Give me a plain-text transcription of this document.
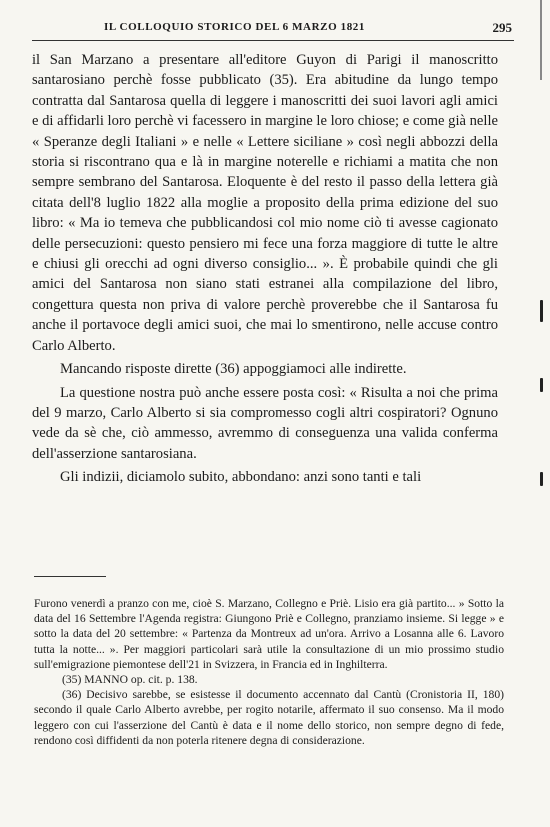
IL COLLOQUIO STORICO DEL 6 MARZO 1821	295

il San Marzano a presentare all'editore Guyon di Parigi il manoscritto santarosiano perchè fosse pubblicato (35). Era abitudine da lungo tempo contratta dal Santarosa quella di leggere i manoscritti dei suoi lavori agli amici e di affidarli loro perchè vi facessero in margine le loro chiose; e come già nelle « Speranze degli Italiani » e nelle « Lettere siciliane » così negli abbozzi della storia si riscontrano qua e là in margine noterelle e richiami a matita che non sempre sembrano del Santarosa. Eloquente è del resto il passo della lettera già citata dell'8 luglio 1822 alla moglie a proposito della prima edizione del suo libro: « Ma io temeva che pubblicandosi col mio nome ciò ti avesse cagionato delle persecuzioni: questo pensiero mi fece una forza maggiore di tutte le altre e chiusi gli orecchi ad ogni diverso consiglio... ». È probabile quindi che gli amici del Santarosa non siano stati estranei alla compilazione del libro, congettura questa non priva di valore perchè proverebbe che il Santarosa fu anche il portavoce degli amici suoi, che mai lo smentirono, nelle accuse contro Carlo Alberto.

Mancando risposte dirette (36) appoggiamoci alle indirette.

La questione nostra può anche essere posta così: « Risulta a noi che prima del 9 marzo, Carlo Alberto si sia compromesso cogli altri cospiratori? Ognuno vede da sè che, ciò ammesso, avremmo di conseguenza una valida conferma dell'asserzione santarosiana.

Gli indizii, diciamolo subito, abbondano: anzi sono tanti e tali

Furono venerdì a pranzo con me, cioè S. Marzano, Collegno e Priè. Lisio era già partito... » Sotto la data del 16 Settembre l'Agenda registra: Giungono Priè e Collegno, pranziamo insieme. Si legge » e sotto la data del 20 settembre: « Partenza da Montreux ad un'ora. Arrivo a Losanna alle 6. Lavoro tutta la notte... ». Per maggiori particolari sarà utile la consultazione di un mio prossimo studio sull'emigrazione piemontese dell'21 in Svizzera, in Francia ed in Inghilterra.

(35) MANNO op. cit. p. 138.

(36) Decisivo sarebbe, se esistesse il documento accennato dal Cantù (Cronistoria II, 180) secondo il quale Carlo Alberto avrebbe, per rogito notarile, affermato il suo consenso. Ma il modo leggero con cui l'asserzione del Cantù è data e il nome dello storico, non sempre degno di fede, rendono così diffidenti da non poterla ritenere degna di considerazione.
